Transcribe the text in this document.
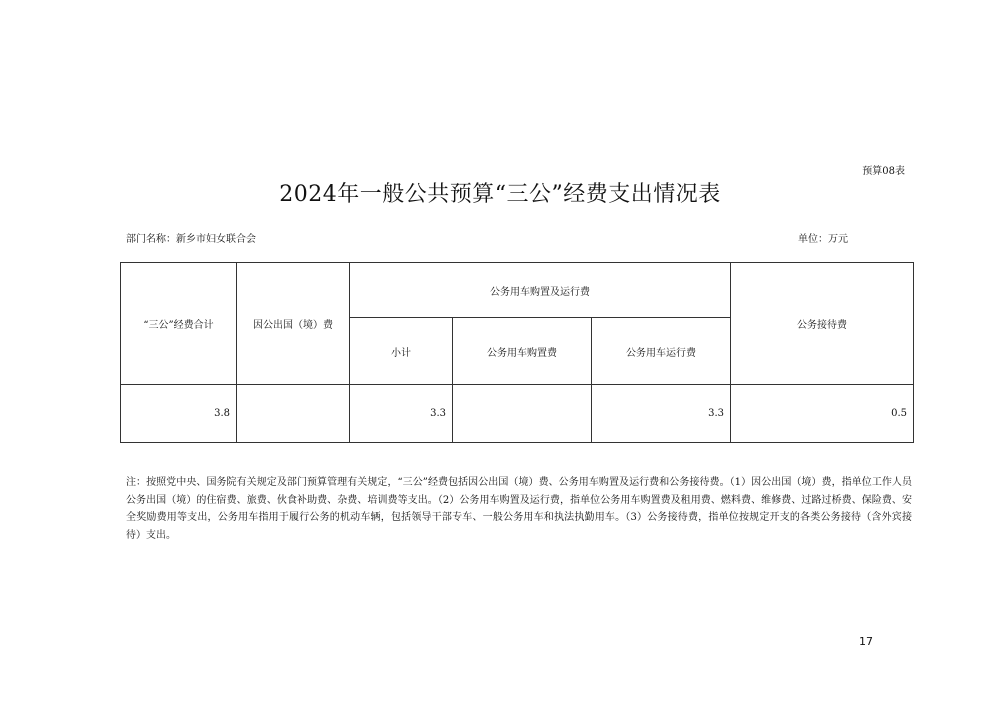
预算08表
2024年一般公共预算“三公”经费支出情况表
部门名称：新乡市妇女联合会	单位：万元
“三公”经费合计	因公出国（境）费	公务用车购置及运行费			公务接待费
		小计	公务用车购置费	公务用车运行费	
3.8		3.3		3.3	0.5
注：按照党中央、国务院有关规定及部门预算管理有关规定，“三公”经费包括因公出国（境）费、公务用车购置及运行费和公务接待费。（1）因公出国（境）费，指单位工作人员公务出国（境）的住宿费、旅费、伙食补助费、杂费、培训费等支出。（2）公务用车购置及运行费，指单位公务用车购置费及租用费、燃料费、维修费、过路过桥费、保险费、安全奖励费用等支出，公务用车指用于履行公务的机动车辆，包括领导干部专车、一般公务用车和执法执勤用车。（3）公务接待费，指单位按规定开支的各类公务接待（含外宾接待）支出。
17
